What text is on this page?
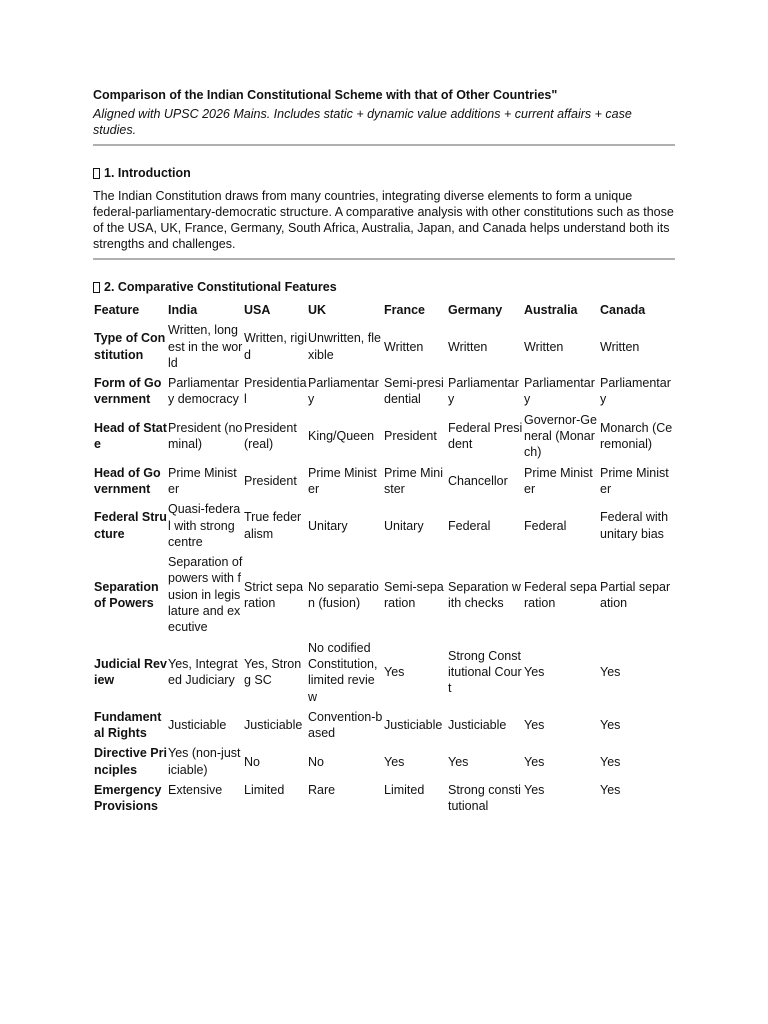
Comparison of the Indian Constitutional Scheme with that of Other Countries"
Aligned with UPSC 2026 Mains. Includes static + dynamic value additions + current affairs + case studies.
1. Introduction
The Indian Constitution draws from many countries, integrating diverse elements to form a unique federal-parliamentary-democratic structure. A comparative analysis with other constitutions such as those of the USA, UK, France, Germany, South Africa, Australia, Japan, and Canada helps understand both its strengths and challenges.
2. Comparative Constitutional Features
Feature	India	USA	UK	France	Germany	Australia	Canada
Type of Constitution	Written, longest in the world	Written, rigid	Unwritten, flexible	Written	Written	Written	Written
Form of Government	Parliamentary democracy	Presidential	Parliamentary	Semi-presidential	Parliamentary	Parliamentary	Parliamentary
Head of State	President (nominal)	President (real)	King/Queen	President	Federal President	Governor-General (Monarch)	Monarch (Ceremonial)
Head of Government	Prime Minister	President	Prime Minister	Prime Minister	Chancellor	Prime Minister	Prime Minister
Federal Structure	Quasi-federal with strong centre	True federalism	Unitary	Unitary	Federal	Federal	Federal with unitary bias
Separation of Powers	Separation of powers with fusion in legislature and executive	Strict separation	No separation (fusion)	Semi-separation	Separation with checks	Federal separation	Partial separation
Judicial Review	Yes, Integrated Judiciary	Yes, Strong SC	No codified Constitution, limited review	Yes	Strong Constitutional Court	Yes	Yes
Fundamental Rights	Justiciable	Justiciable	Convention-based	Justiciable	Justiciable	Yes	Yes
Directive Principles	Yes (non-justiciable)	No	No	Yes	Yes	Yes	Yes
Emergency Provisions	Extensive	Limited	Rare	Limited	Strong constitutional	Yes	Yes
